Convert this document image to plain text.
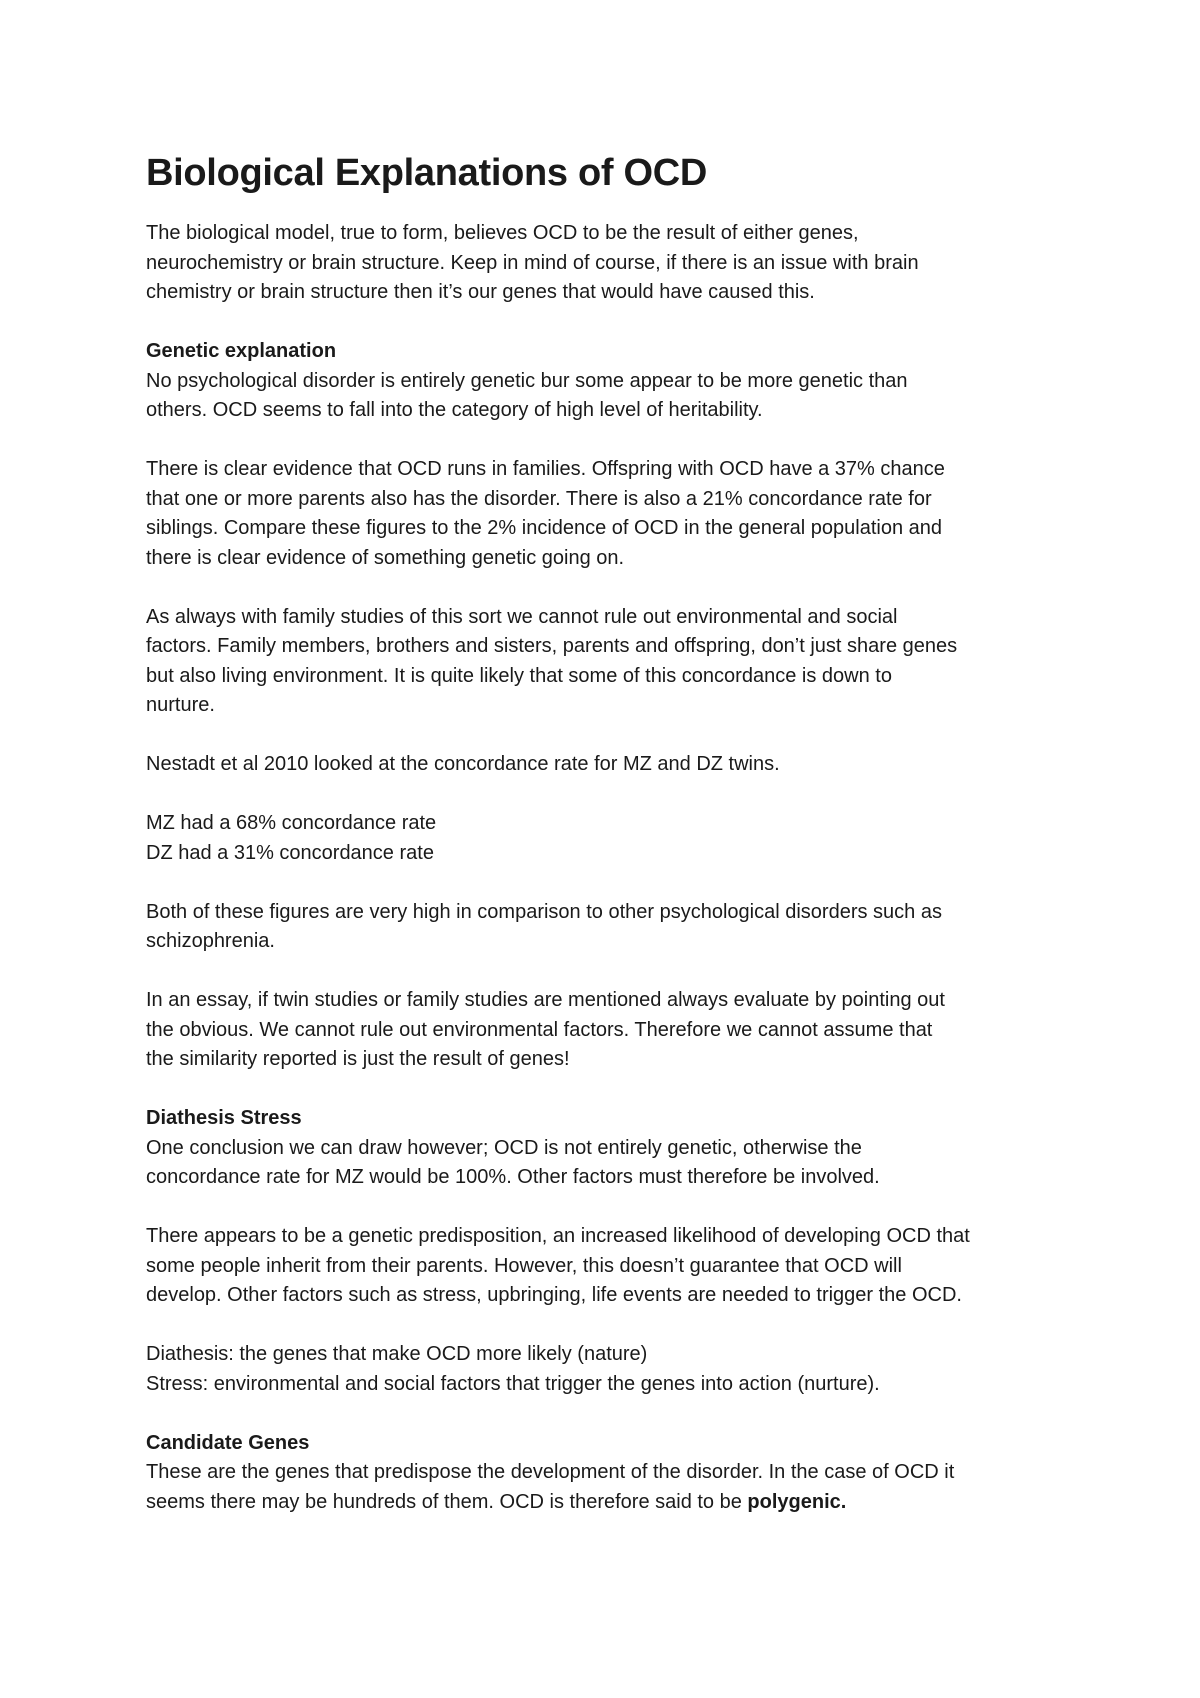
Biological Explanations of OCD

The biological model, true to form, believes OCD to be the result of either genes,
neurochemistry or brain structure. Keep in mind of course, if there is an issue with brain
chemistry or brain structure then it’s our genes that would have caused this.

Genetic explanation
No psychological disorder is entirely genetic bur some appear to be more genetic than
others. OCD seems to fall into the category of high level of heritability.

There is clear evidence that OCD runs in families. Offspring with OCD have a 37% chance
that one or more parents also has the disorder. There is also a 21% concordance rate for
siblings. Compare these figures to the 2% incidence of OCD in the general population and
there is clear evidence of something genetic going on.

As always with family studies of this sort we cannot rule out environmental and social
factors. Family members, brothers and sisters, parents and offspring, don’t just share genes
but also living environment. It is quite likely that some of this concordance is down to
nurture.

Nestadt et al 2010 looked at the concordance rate for MZ and DZ twins.

MZ had a 68% concordance rate
DZ had a 31% concordance rate

Both of these figures are very high in comparison to other psychological disorders such as
schizophrenia.

In an essay, if twin studies or family studies are mentioned always evaluate by pointing out
the obvious. We cannot rule out environmental factors. Therefore we cannot assume that
the similarity reported is just the result of genes!

Diathesis Stress
One conclusion we can draw however; OCD is not entirely genetic, otherwise the
concordance rate for MZ would be 100%. Other factors must therefore be involved.

There appears to be a genetic predisposition, an increased likelihood of developing OCD that
some people inherit from their parents. However, this doesn’t guarantee that OCD will
develop. Other factors such as stress, upbringing, life events are needed to trigger the OCD.

Diathesis: the genes that make OCD more likely (nature)
Stress: environmental and social factors that trigger the genes into action (nurture).

Candidate Genes
These are the genes that predispose the development of the disorder. In the case of OCD it
seems there may be hundreds of them. OCD is therefore said to be polygenic.
